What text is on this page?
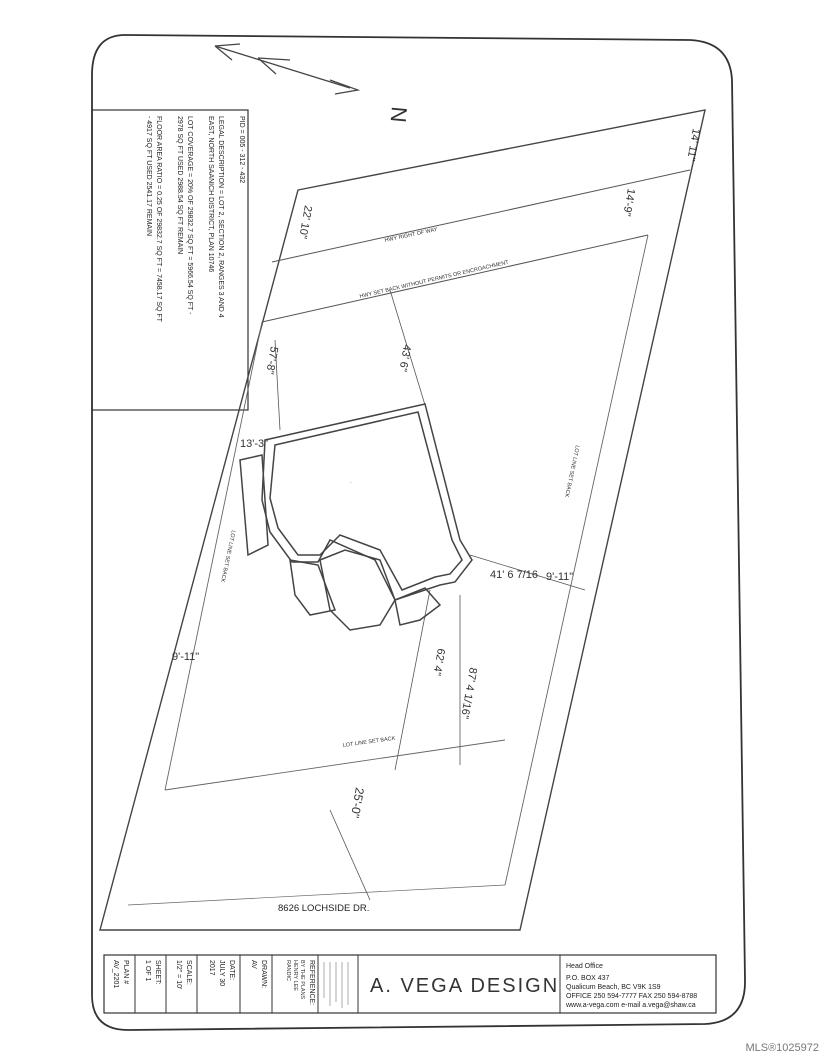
N
PID = 005 - 312 - 432
LEGAL DESCRIPTION = LOT 2, SECTION 2, RANGES 3 AND 4
EAST, NORTH SAANICH DISTRICT, PLAN 10746
LOT COVERAGE = 20% OF 29832.7 SQ FT = 5966.54 SQ FT -
2978 SQ FT USED 2988.54 SQ FT REMAIN
FLOOR AREA RATIO = 0.25 OF 29832.7 SQ FT = 7458.17 SQ FT
- 4917 SQ FT USED 2541.17 REMAIN
·
HWY RIGHT OF WAY
HWY SET BACK WITHOUT PERMITS OR ENCROACHMENT
LOT LINE SET BACK
LOT LINE SET BACK
LOT LINE SET BACK
14' 11"
14'-9"
22' 10"
57'-8"	43' 6"
13'-3"
41' 6 7/16 9'-11"
9'-11"	62' 4"
87' 4 1/16"
25'-0"
8626 LOCHSIDE DR.
PLAN #
AV_2201	SHEET:
1 OF 1	SCALE:
1/2" = 10'	DATE:
JULY 30
2017	DRAWN:
AV	REFERENCE:
BY THE PLANS
HENRY LEE
RANDIC
A. VEGA DESIGN
Head Office
P.O. BOX 437
Qualicum Beach, BC V9K 1S9
OFFICE 250 594-7777 FAX 250 594-8788
www.a-vega.com e-mail a.vega@shaw.ca
MLS®1025972
